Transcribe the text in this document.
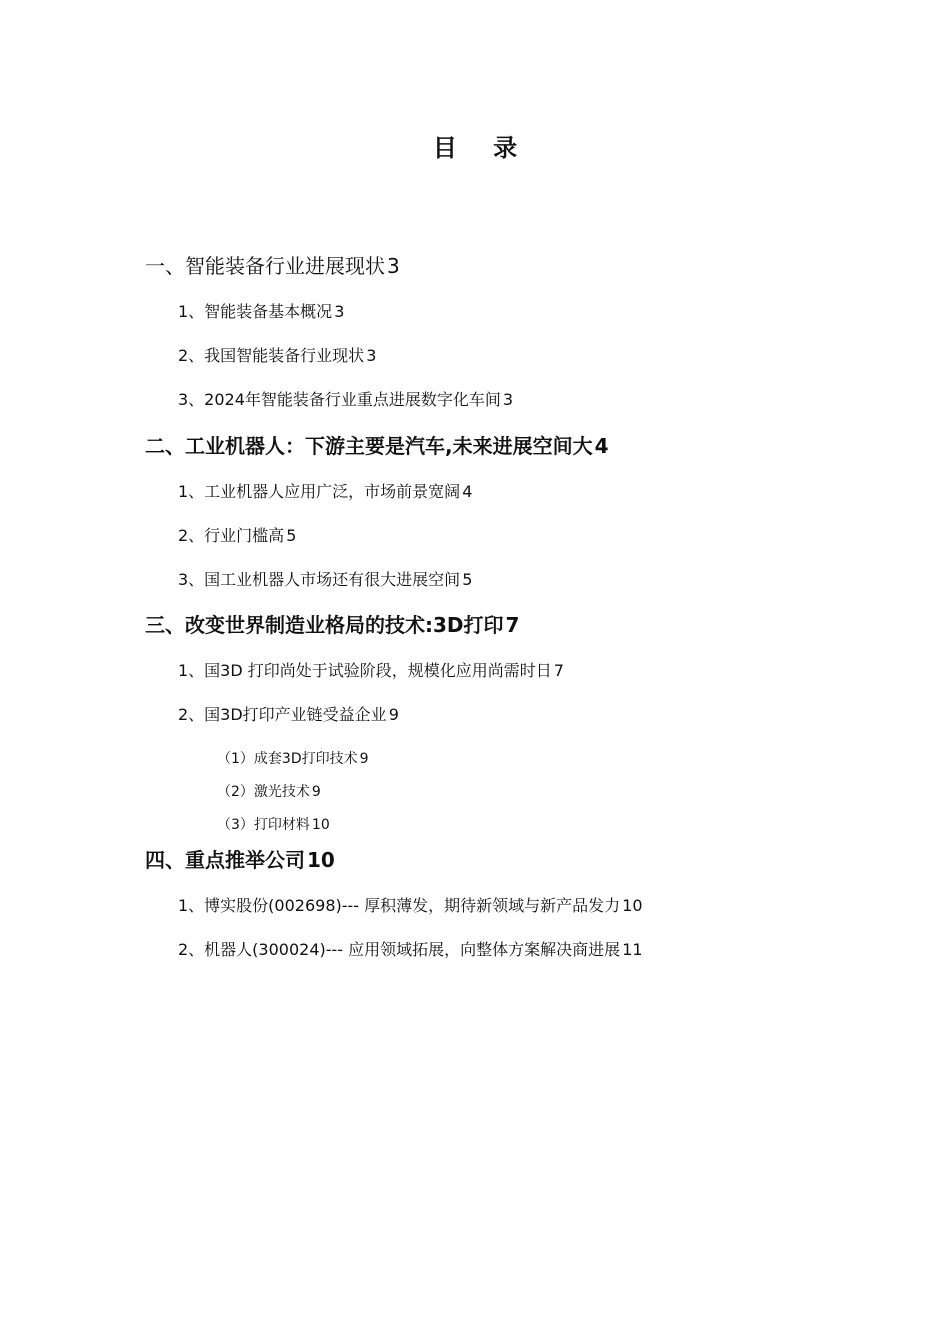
目 录
一、智能装备行业进展现状 3
1、智能装备基本概况 3
2、我国智能装备行业现状 3
3、2024年智能装备行业重点进展数字化车间 3
二、工业机器人：下游主要是汽车,未来进展空间大 4
1、工业机器人应用广泛，市场前景宽阔 4
2、行业门槛高 5
3、国工业机器人市场还有很大进展空间 5
三、改变世界制造业格局的技术:3D打印 7
1、国3D 打印尚处于试验阶段，规模化应用尚需时日 7
2、国3D打印产业链受益企业 9
（1）成套3D打印技术 9
（2）激光技术 9
（3）打印材料 10
四、重点推举公司 10
1、博实股份(002698)--- 厚积薄发，期待新领域与新产品发力 10
2、机器人(300024)--- 应用领域拓展，向整体方案解决商进展 11
